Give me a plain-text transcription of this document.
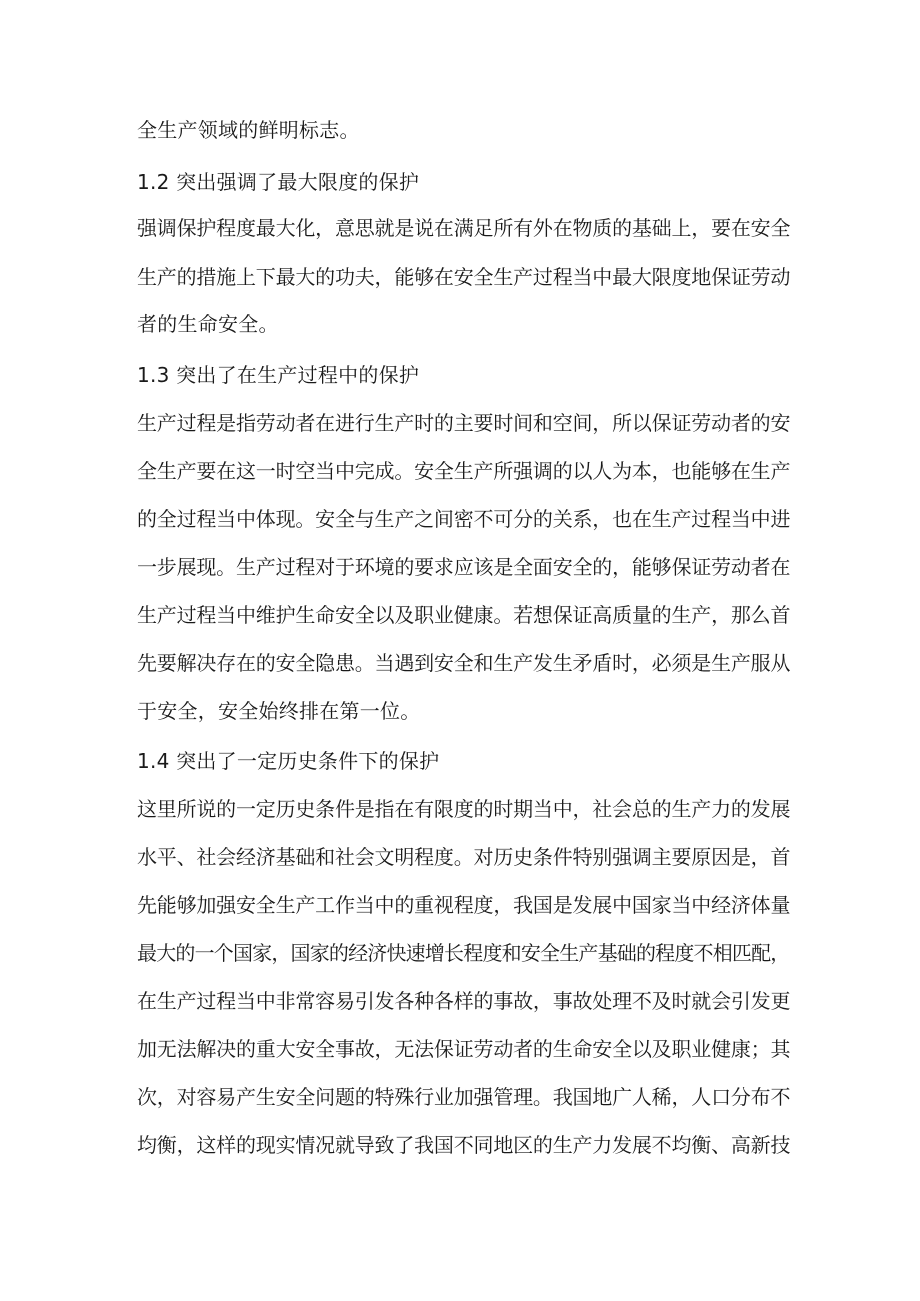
全生产领域的鲜明标志。
1.2 突出强调了最大限度的保护
强调保护程度最大化，意思就是说在满足所有外在物质的基础上，要在安全
生产的措施上下最大的功夫，能够在安全生产过程当中最大限度地保证劳动
者的生命安全。
1.3 突出了在生产过程中的保护
生产过程是指劳动者在进行生产时的主要时间和空间，所以保证劳动者的安
全生产要在这一时空当中完成。安全生产所强调的以人为本，也能够在生产
的全过程当中体现。安全与生产之间密不可分的关系，也在生产过程当中进
一步展现。生产过程对于环境的要求应该是全面安全的，能够保证劳动者在
生产过程当中维护生命安全以及职业健康。若想保证高质量的生产，那么首
先要解决存在的安全隐患。当遇到安全和生产发生矛盾时，必须是生产服从
于安全，安全始终排在第一位。
1.4 突出了一定历史条件下的保护
这里所说的一定历史条件是指在有限度的时期当中，社会总的生产力的发展
水平、社会经济基础和社会文明程度。对历史条件特别强调主要原因是，首
先能够加强安全生产工作当中的重视程度，我国是发展中国家当中经济体量
最大的一个国家，国家的经济快速增长程度和安全生产基础的程度不相匹配，
在生产过程当中非常容易引发各种各样的事故，事故处理不及时就会引发更
加无法解决的重大安全事故，无法保证劳动者的生命安全以及职业健康；其
次，对容易产生安全问题的特殊行业加强管理。我国地广人稀，人口分布不
均衡，这样的现实情况就导致了我国不同地区的生产力发展不均衡、高新技
